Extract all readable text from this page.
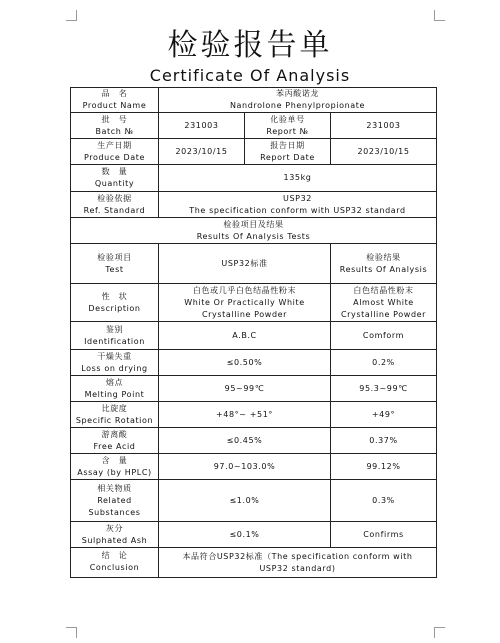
检验报告单
Certificate Of Analysis
品　名
Product Name	苯丙酸诺龙
Nandrolone Phenylpropionate		

批　号
Batch №	231003	化验单号
Report №	231003

生产日期
Produce Date	2023/10/15	报告日期
Report Date	2023/10/15

数　量
Quantity	135kg		

检验依据
Ref. Standard	USP32
The specification conform with USP32 standard		

检验项目及结果
Results Of Analysis Tests			

检验项目
Test	USP32标准		检验结果
Results Of Analysis

性　状
Description	白色或几乎白色结晶性粉末
White Or Practically White
Crystalline Powder		白色结晶性粉末
Almost White
Crystalline Powder

鉴别
Identification	A.B.C		Comform

干燥失重
Loss on drying	≤0.50%		0.2%

熔点
Melting Point	95~99℃		95.3~99℃

比旋度
Specific Rotation	+48°~ +51°		+49°

游离酸
Free Acid	≤0.45%		0.37%

含　量
Assay (by HPLC)	97.0~103.0%		99.12%

相关物质
Related Substances	≤1.0%		0.3%

灰分
Sulphated Ash	≤0.1%		Confirms

结　论
Conclusion	本品符合USP32标准（The specification conform with
USP32 standard)		
